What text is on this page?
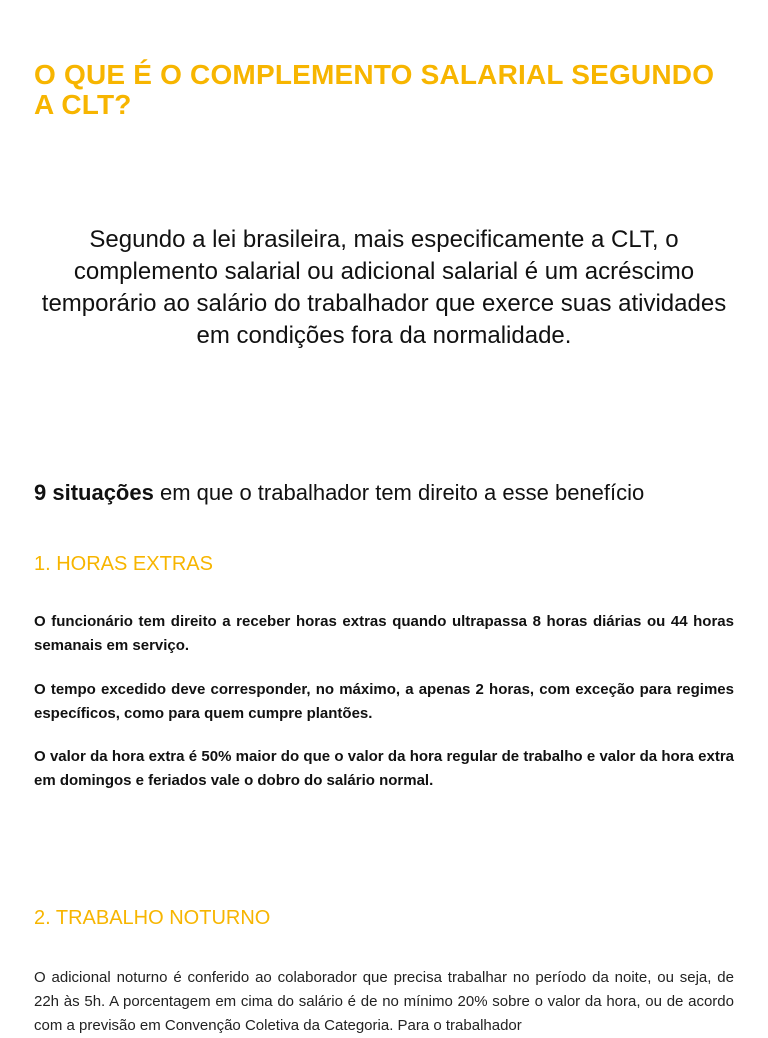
O QUE É O COMPLEMENTO SALARIAL SEGUNDO A CLT?

Segundo a lei brasileira, mais especificamente a CLT, o complemento salarial ou adicional salarial é um acréscimo temporário ao salário do trabalhador que exerce suas atividades em condições fora da normalidade.

9 situações em que o trabalhador tem direito a esse benefício

1. HORAS EXTRAS

O funcionário tem direito a receber horas extras quando ultrapassa 8 horas diárias ou 44 horas semanais em serviço.

O tempo excedido deve corresponder, no máximo, a apenas 2 horas, com exceção para regimes específicos, como para quem cumpre plantões.

O valor da hora extra é 50% maior do que o valor da hora regular de trabalho e valor da hora extra em domingos e feriados vale o dobro do salário normal.

2. TRABALHO NOTURNO

O adicional noturno é conferido ao colaborador que precisa trabalhar no período da noite, ou seja, de 22h às 5h. A porcentagem em cima do salário é de no mínimo 20% sobre o valor da hora, ou de acordo com a previsão em Convenção Coletiva da Categoria. Para o trabalhador
